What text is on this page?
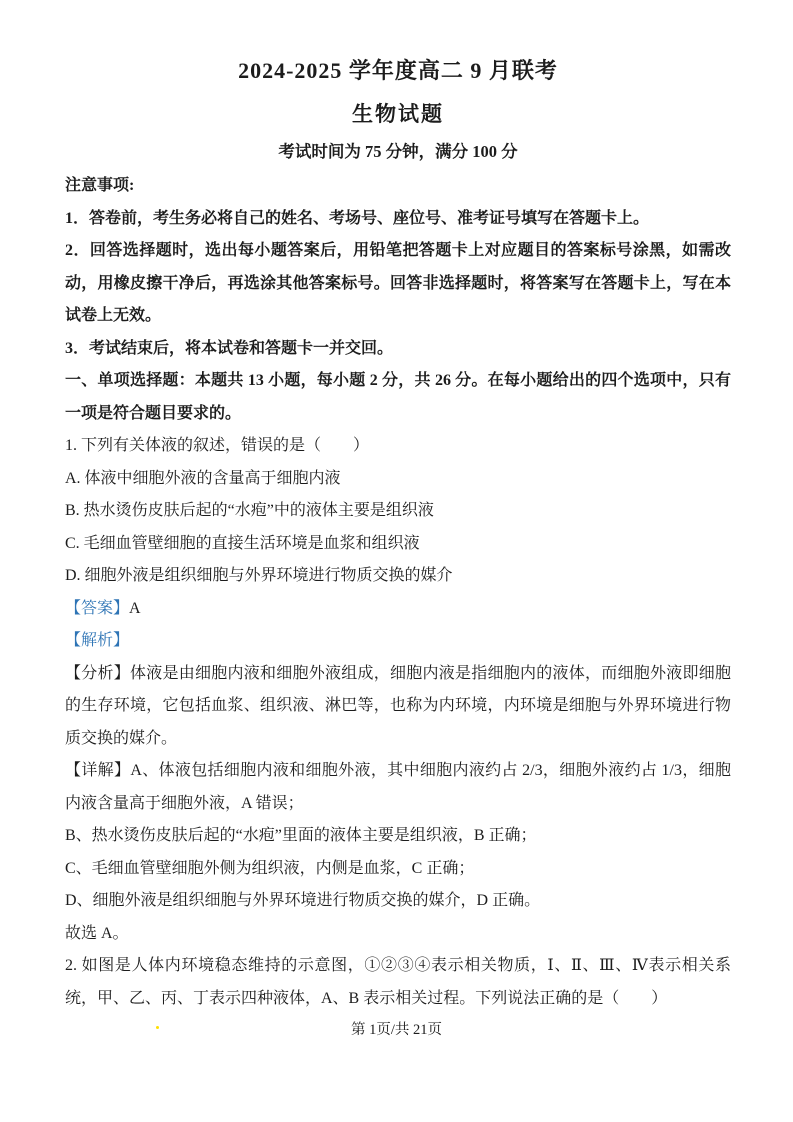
2024-2025 学年度高二 9 月联考
生物试题

考试时间为 75 分钟，满分 100 分

注意事项:

1．答卷前，考生务必将自己的姓名、考场号、座位号、准考证号填写在答题卡上。

2．回答选择题时，选出每小题答案后，用铅笔把答题卡上对应题目的答案标号涂黑，如需改动，用橡皮擦干净后，再选涂其他答案标号。回答非选择题时，将答案写在答题卡上，写在本试卷上无效。

3．考试结束后，将本试卷和答题卡一并交回。

一、单项选择题：本题共 13 小题，每小题 2 分，共 26 分。在每小题给出的四个选项中，只有一项是符合题目要求的。

1. 下列有关体液的叙述，错误的是（　　）

A. 体液中细胞外液的含量高于细胞内液

B. 热水烫伤皮肤后起的“水疱”中的液体主要是组织液

C. 毛细血管壁细胞的直接生活环境是血浆和组织液

D. 细胞外液是组织细胞与外界环境进行物质交换的媒介

【答案】A

【解析】

【分析】体液是由细胞内液和细胞外液组成，细胞内液是指细胞内的液体，而细胞外液即细胞的生存环境，它包括血浆、组织液、淋巴等，也称为内环境，内环境是细胞与外界环境进行物质交换的媒介。

【详解】A、体液包括细胞内液和细胞外液，其中细胞内液约占 2/3，细胞外液约占 1/3，细胞内液含量高于细胞外液，A 错误；

B、热水烫伤皮肤后起的“水疱”里面的液体主要是组织液，B 正确；

C、毛细血管壁细胞外侧为组织液，内侧是血浆，C 正确；

D、细胞外液是组织细胞与外界环境进行物质交换的媒介，D 正确。

故选 A。

2. 如图是人体内环境稳态维持的示意图，①②③④表示相关物质，Ⅰ、Ⅱ、Ⅲ、Ⅳ表示相关系统，甲、乙、丙、丁表示四种液体，A、B 表示相关过程。下列说法正确的是（　　）

第 1页/共 21页
